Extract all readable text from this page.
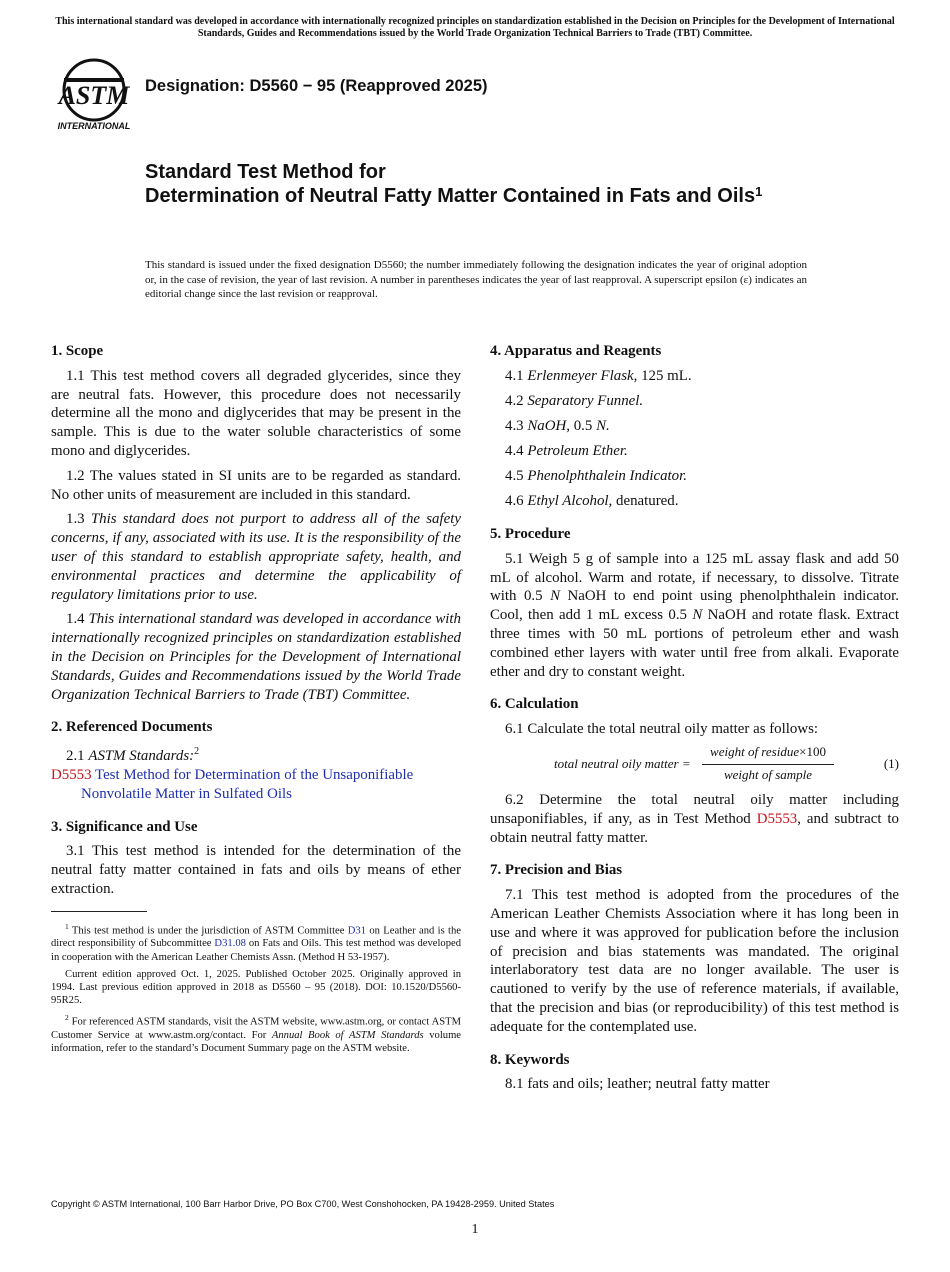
This international standard was developed in accordance with internationally recognized principles on standardization established in the Decision on Principles for the Development of International Standards, Guides and Recommendations issued by the World Trade Organization Technical Barriers to Trade (TBT) Committee.
ASTM
INTERNATIONAL
Designation: D5560 − 95 (Reapproved 2025)
Standard Test Method for
Determination of Neutral Fatty Matter Contained in Fats and Oils$^1$
This standard is issued under the fixed designation D5560; the number immediately following the designation indicates the year of original adoption or, in the case of revision, the year of last revision. A number in parentheses indicates the year of last reapproval. A superscript epsilon (ε) indicates an editorial change since the last revision or reapproval.
1. Scope
1.1 This test method covers all degraded glycerides, since they are neutral fats. However, this procedure does not necessarily determine all the mono and diglycerides that may be present in the sample. This is due to the water soluble characteristics of some mono and diglycerides.
1.2 The values stated in SI units are to be regarded as standard. No other units of measurement are included in this standard.
1.3 This standard does not purport to address all of the safety concerns, if any, associated with its use. It is the responsibility of the user of this standard to establish appropriate safety, health, and environmental practices and determine the applicability of regulatory limitations prior to use.
1.4 This international standard was developed in accordance with internationally recognized principles on standardization established in the Decision on Principles for the Development of International Standards, Guides and Recommendations issued by the World Trade Organization Technical Barriers to Trade (TBT) Committee.
2. Referenced Documents
2.1 ASTM Standards:$^2$
D5553 Test Method for Determination of the Unsaponifiable
Nonvolatile Matter in Sulfated Oils
3. Significance and Use
3.1 This test method is intended for the determination of the neutral fatty matter contained in fats and oils by means of ether extraction.
$^1$ This test method is under the jurisdiction of ASTM Committee D31 on Leather and is the direct responsibility of Subcommittee D31.08 on Fats and Oils. This test method was developed in cooperation with the American Leather Chemists Assn. (Method H 53-1957).
Current edition approved Oct. 1, 2025. Published October 2025. Originally approved in 1994. Last previous edition approved in 2018 as D5560 – 95 (2018). DOI: 10.1520/D5560-95R25.
$^2$ For referenced ASTM standards, visit the ASTM website, www.astm.org, or contact ASTM Customer Service at www.astm.org/contact. For Annual Book of ASTM Standards volume information, refer to the standard’s Document Summary page on the ASTM website.
4. Apparatus and Reagents
4.1 Erlenmeyer Flask, 125 mL.
4.2 Separatory Funnel.
4.3 NaOH, 0.5 N.
4.4 Petroleum Ether.
4.5 Phenolphthalein Indicator.
4.6 Ethyl Alcohol, denatured.
5. Procedure
5.1 Weigh 5 g of sample into a 125 mL assay flask and add 50 mL of alcohol. Warm and rotate, if necessary, to dissolve. Titrate with 0.5 N NaOH to end point using phenolphthalein indicator. Cool, then add 1 mL excess 0.5 N NaOH and rotate flask. Extract three times with 50 mL portions of petroleum ether and wash combined ether layers with water until free from alkali. Evaporate ether and dry to constant weight.
6. Calculation
6.1 Calculate the total neutral oily matter as follows:
total neutral oily matter =
weight of residue×100
weight of sample
(1)
6.2 Determine the total neutral oily matter including unsaponifiables, if any, as in Test Method D5553, and subtract to obtain neutral fatty matter.
7. Precision and Bias
7.1 This test method is adopted from the procedures of the American Leather Chemists Association where it has long been in use and where it was approved for publication before the inclusion of precision and bias statements was mandated. The original interlaboratory test data are no longer available. The user is cautioned to verify by the use of reference materials, if available, that the precision and bias (or reproducibility) of this test method is adequate for the contemplated use.
8. Keywords
8.1 fats and oils; leather; neutral fatty matter
Copyright © ASTM International, 100 Barr Harbor Drive, PO Box C700, West Conshohocken, PA 19428-2959. United States
1
